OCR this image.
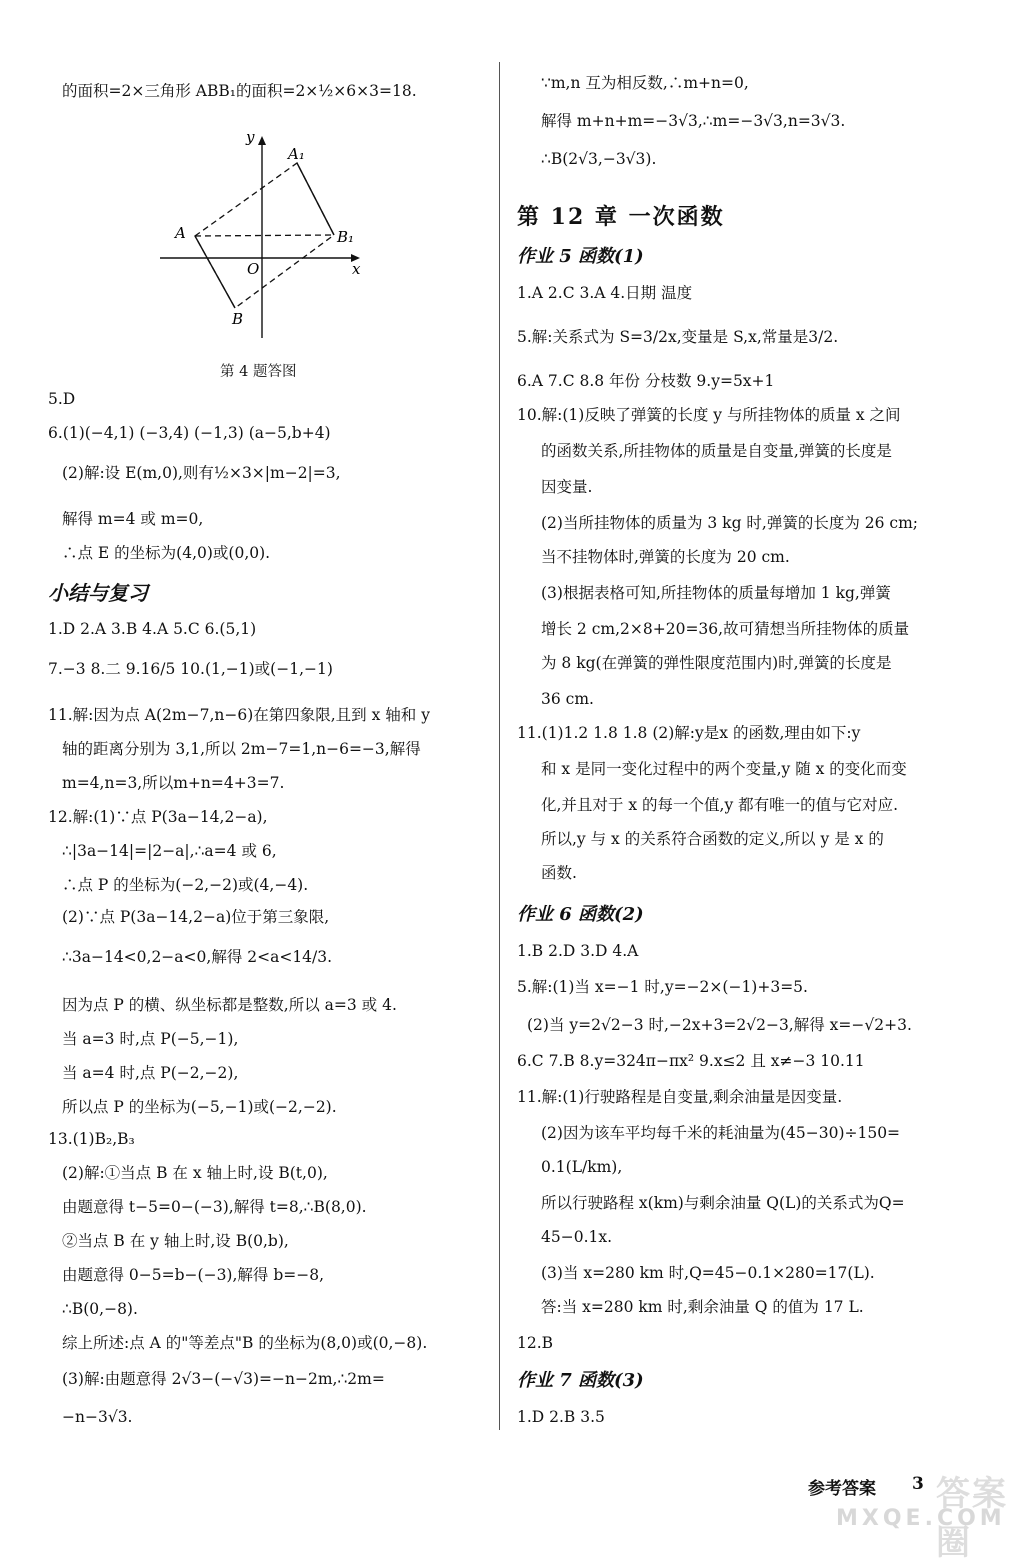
的面积=2×三角形 ABB₁的面积=2×½×6×3=18.
y
x
O
A
A₁
B₁
B
第 4 题答图
5.D
6.(1)(−4,1) (−3,4) (−1,3) (a−5,b+4)
(2)解:设 E(m,0),则有½×3×|m−2|=3,
解得 m=4 或 m=0,
∴点 E 的坐标为(4,0)或(0,0).
小结与复习
1.D 2.A 3.B 4.A 5.C 6.(5,1)
7.−3 8.二 9.16/5 10.(1,−1)或(−1,−1)
11.解:因为点 A(2m−7,n−6)在第四象限,且到 x 轴和 y
轴的距离分别为 3,1,所以 2m−7=1,n−6=−3,解得
m=4,n=3,所以m+n=4+3=7.
12.解:(1)∵点 P(3a−14,2−a),
∴|3a−14|=|2−a|,∴a=4 或 6,
∴点 P 的坐标为(−2,−2)或(4,−4).
(2)∵点 P(3a−14,2−a)位于第三象限,
∴3a−14<0,2−a<0,解得 2<a<14/3.
因为点 P 的横、纵坐标都是整数,所以 a=3 或 4.
当 a=3 时,点 P(−5,−1),
当 a=4 时,点 P(−2,−2),
所以点 P 的坐标为(−5,−1)或(−2,−2).
13.(1)B₂,B₃
(2)解:①当点 B 在 x 轴上时,设 B(t,0),
由题意得 t−5=0−(−3),解得 t=8,∴B(8,0).
②当点 B 在 y 轴上时,设 B(0,b),
由题意得 0−5=b−(−3),解得 b=−8,
∴B(0,−8).
综上所述:点 A 的"等差点"B 的坐标为(8,0)或(0,−8).
(3)解:由题意得 2√3−(−√3)=−n−2m,∴2m=
−n−3√3.
∵m,n 互为相反数,∴m+n=0,
解得 m+n+m=−3√3,∴m=−3√3,n=3√3.
∴B(2√3,−3√3).
第 12 章 一次函数
作业 5 函数(1)
1.A 2.C 3.A 4.日期 温度
5.解:关系式为 S=3/2x,变量是 S,x,常量是3/2.
6.A 7.C 8.8 年份 分枝数 9.y=5x+1
10.解:(1)反映了弹簧的长度 y 与所挂物体的质量 x 之间
的函数关系,所挂物体的质量是自变量,弹簧的长度是
因变量.
(2)当所挂物体的质量为 3 kg 时,弹簧的长度为 26 cm;
当不挂物体时,弹簧的长度为 20 cm.
(3)根据表格可知,所挂物体的质量每增加 1 kg,弹簧
增长 2 cm,2×8+20=36,故可猜想当所挂物体的质量
为 8 kg(在弹簧的弹性限度范围内)时,弹簧的长度是
36 cm.
11.(1)1.2 1.8 1.8 (2)解:y是x 的函数,理由如下:y
和 x 是同一变化过程中的两个变量,y 随 x 的变化而变
化,并且对于 x 的每一个值,y 都有唯一的值与它对应.
所以,y 与 x 的关系符合函数的定义,所以 y 是 x 的
函数.
作业 6 函数(2)
1.B 2.D 3.D 4.A
5.解:(1)当 x=−1 时,y=−2×(−1)+3=5.
(2)当 y=2√2−3 时,−2x+3=2√2−3,解得 x=−√2+3.
6.C 7.B 8.y=324π−πx² 9.x≤2 且 x≠−3 10.11
11.解:(1)行驶路程是自变量,剩余油量是因变量.
(2)因为该车平均每千米的耗油量为(45−30)÷150=
0.1(L/km),
所以行驶路程 x(km)与剩余油量 Q(L)的关系式为Q=
45−0.1x.
(3)当 x=280 km 时,Q=45−0.1×280=17(L).
答:当 x=280 km 时,剩余油量 Q 的值为 17 L.
12.B
作业 7 函数(3)
1.D 2.B 3.5
答案圈
MXQE.COM
参考答案 3
